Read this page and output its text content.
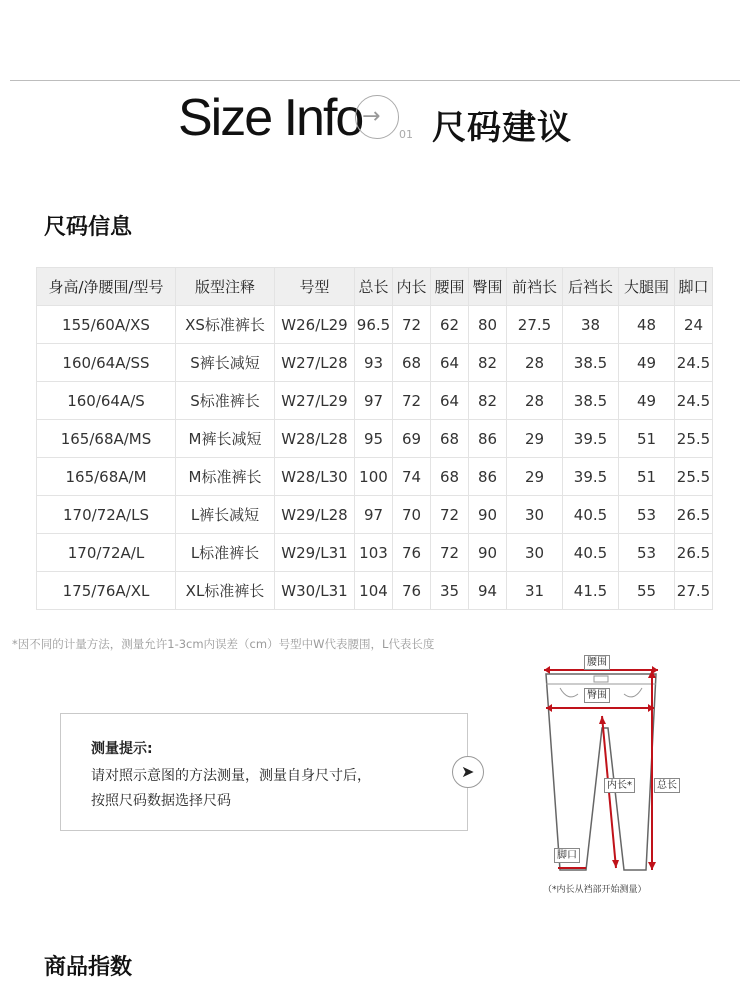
Size Info →
01 尺码建议
尺码信息
身高/净腰围/型号	版型注释	号型	总长	内长	腰围	臀围	前裆长	后裆长	大腿围	脚口
155/60A/XS	XS标准裤长	W26/L29	96.5	72	62	80	27.5	38	48	24
160/64A/SS	S裤长减短	W27/L28	93	68	64	82	28	38.5	49	24.5
160/64A/S	S标准裤长	W27/L29	97	72	64	82	28	38.5	49	24.5
165/68A/MS	M裤长减短	W28/L28	95	69	68	86	29	39.5	51	25.5
165/68A/M	M标准裤长	W28/L30	100	74	68	86	29	39.5	51	25.5
170/72A/LS	L裤长减短	W29/L28	97	70	72	90	30	40.5	53	26.5
170/72A/L	L标准裤长	W29/L31	103	76	72	90	30	40.5	53	26.5
175/76A/XL	XL标准裤长	W30/L31	104	76	35	94	31	41.5	55	27.5
*因不同的计量方法，测量允许1-3cm内误差（cm）号型中W代表腰围，L代表长度
测量提示:
请对照示意图的方法测量，测量自身尺寸后，
按照尺码数据选择尺码
➤
腰围
臀围
内长*	总长
脚口
（*内长从裆部开始测量）
商品指数
